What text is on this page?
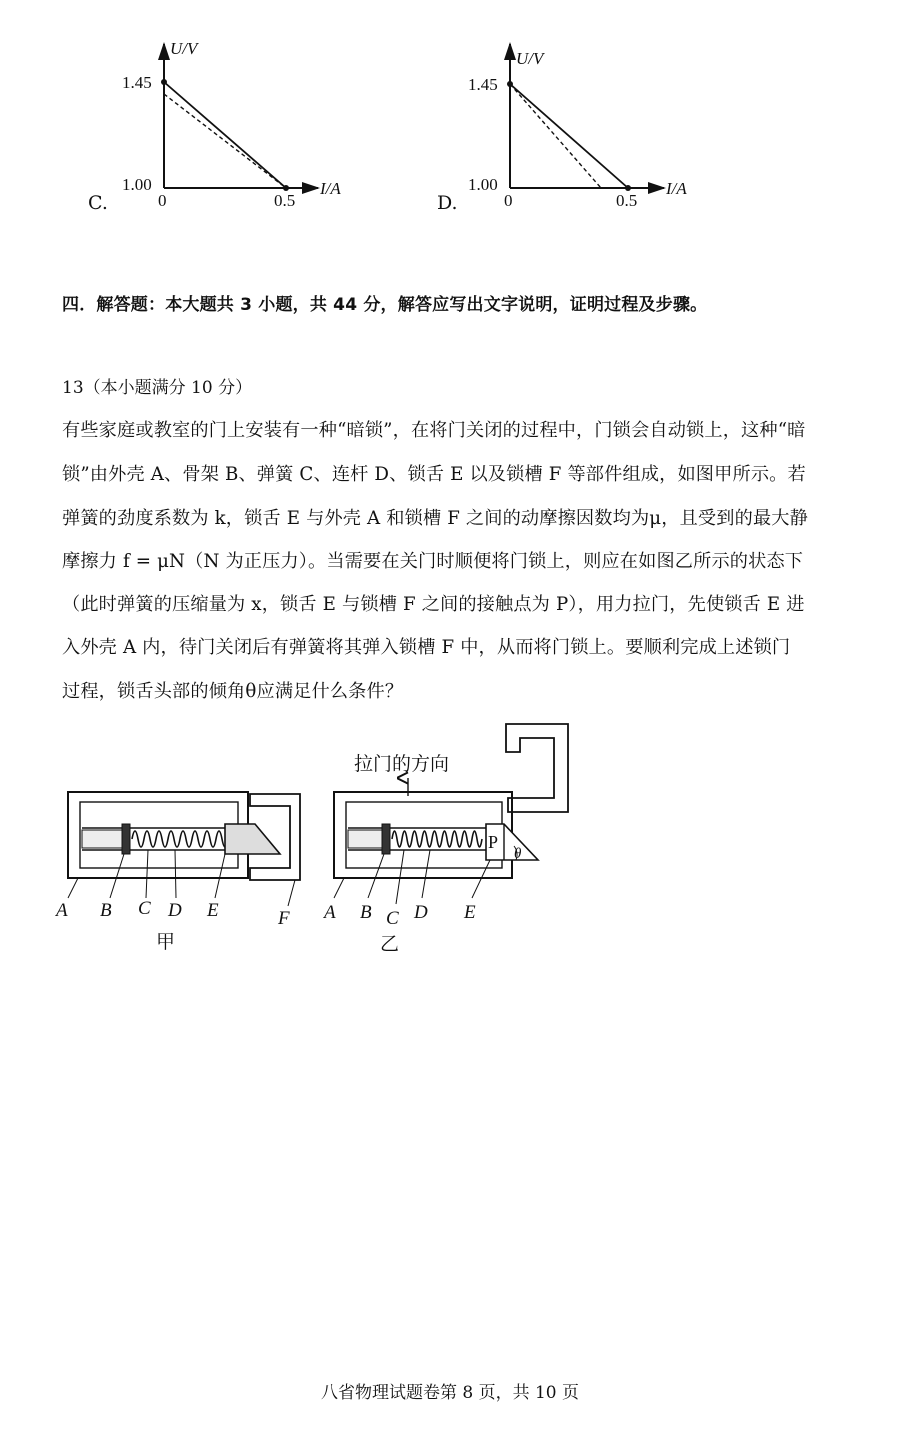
C.
U/V
I/A
1.45
1.00
0	0.5	D.
U/V
I/A
1.45
1.00
0	0.5
四．解答题：本大题共 3 小题，共 44 分，解答应写出文字说明，证明过程及步骤。
13（本小题满分 10 分）
有些家庭或教室的门上安装有一种“暗锁”，在将门关闭的过程中，门锁会自动锁上，这种“暗
锁”由外壳 A、骨架 B、弹簧 C、连杆 D、锁舌 E 以及锁槽 F 等部件组成，如图甲所示。若
弹簧的劲度系数为 k，锁舌 E 与外壳 A 和锁槽 F 之间的动摩擦因数均为μ，且受到的最大静
摩擦力 f = μN（N 为正压力）。当需要在关门时顺便将门锁上，则应在如图乙所示的状态下
（此时弹簧的压缩量为 x，锁舌 E 与锁槽 F 之间的接触点为 P），用力拉门，先使锁舌 E 进
入外壳 A 内，待门关闭后有弹簧将其弹入锁槽 F 中，从而将门锁上。要顺利完成上述锁门
过程，锁舌头部的倾角θ应满足什么条件？
A B C D E	F
甲
拉门的方向
P
θ
A B C D E
乙
八省物理试题卷第 8 页，共 10 页
